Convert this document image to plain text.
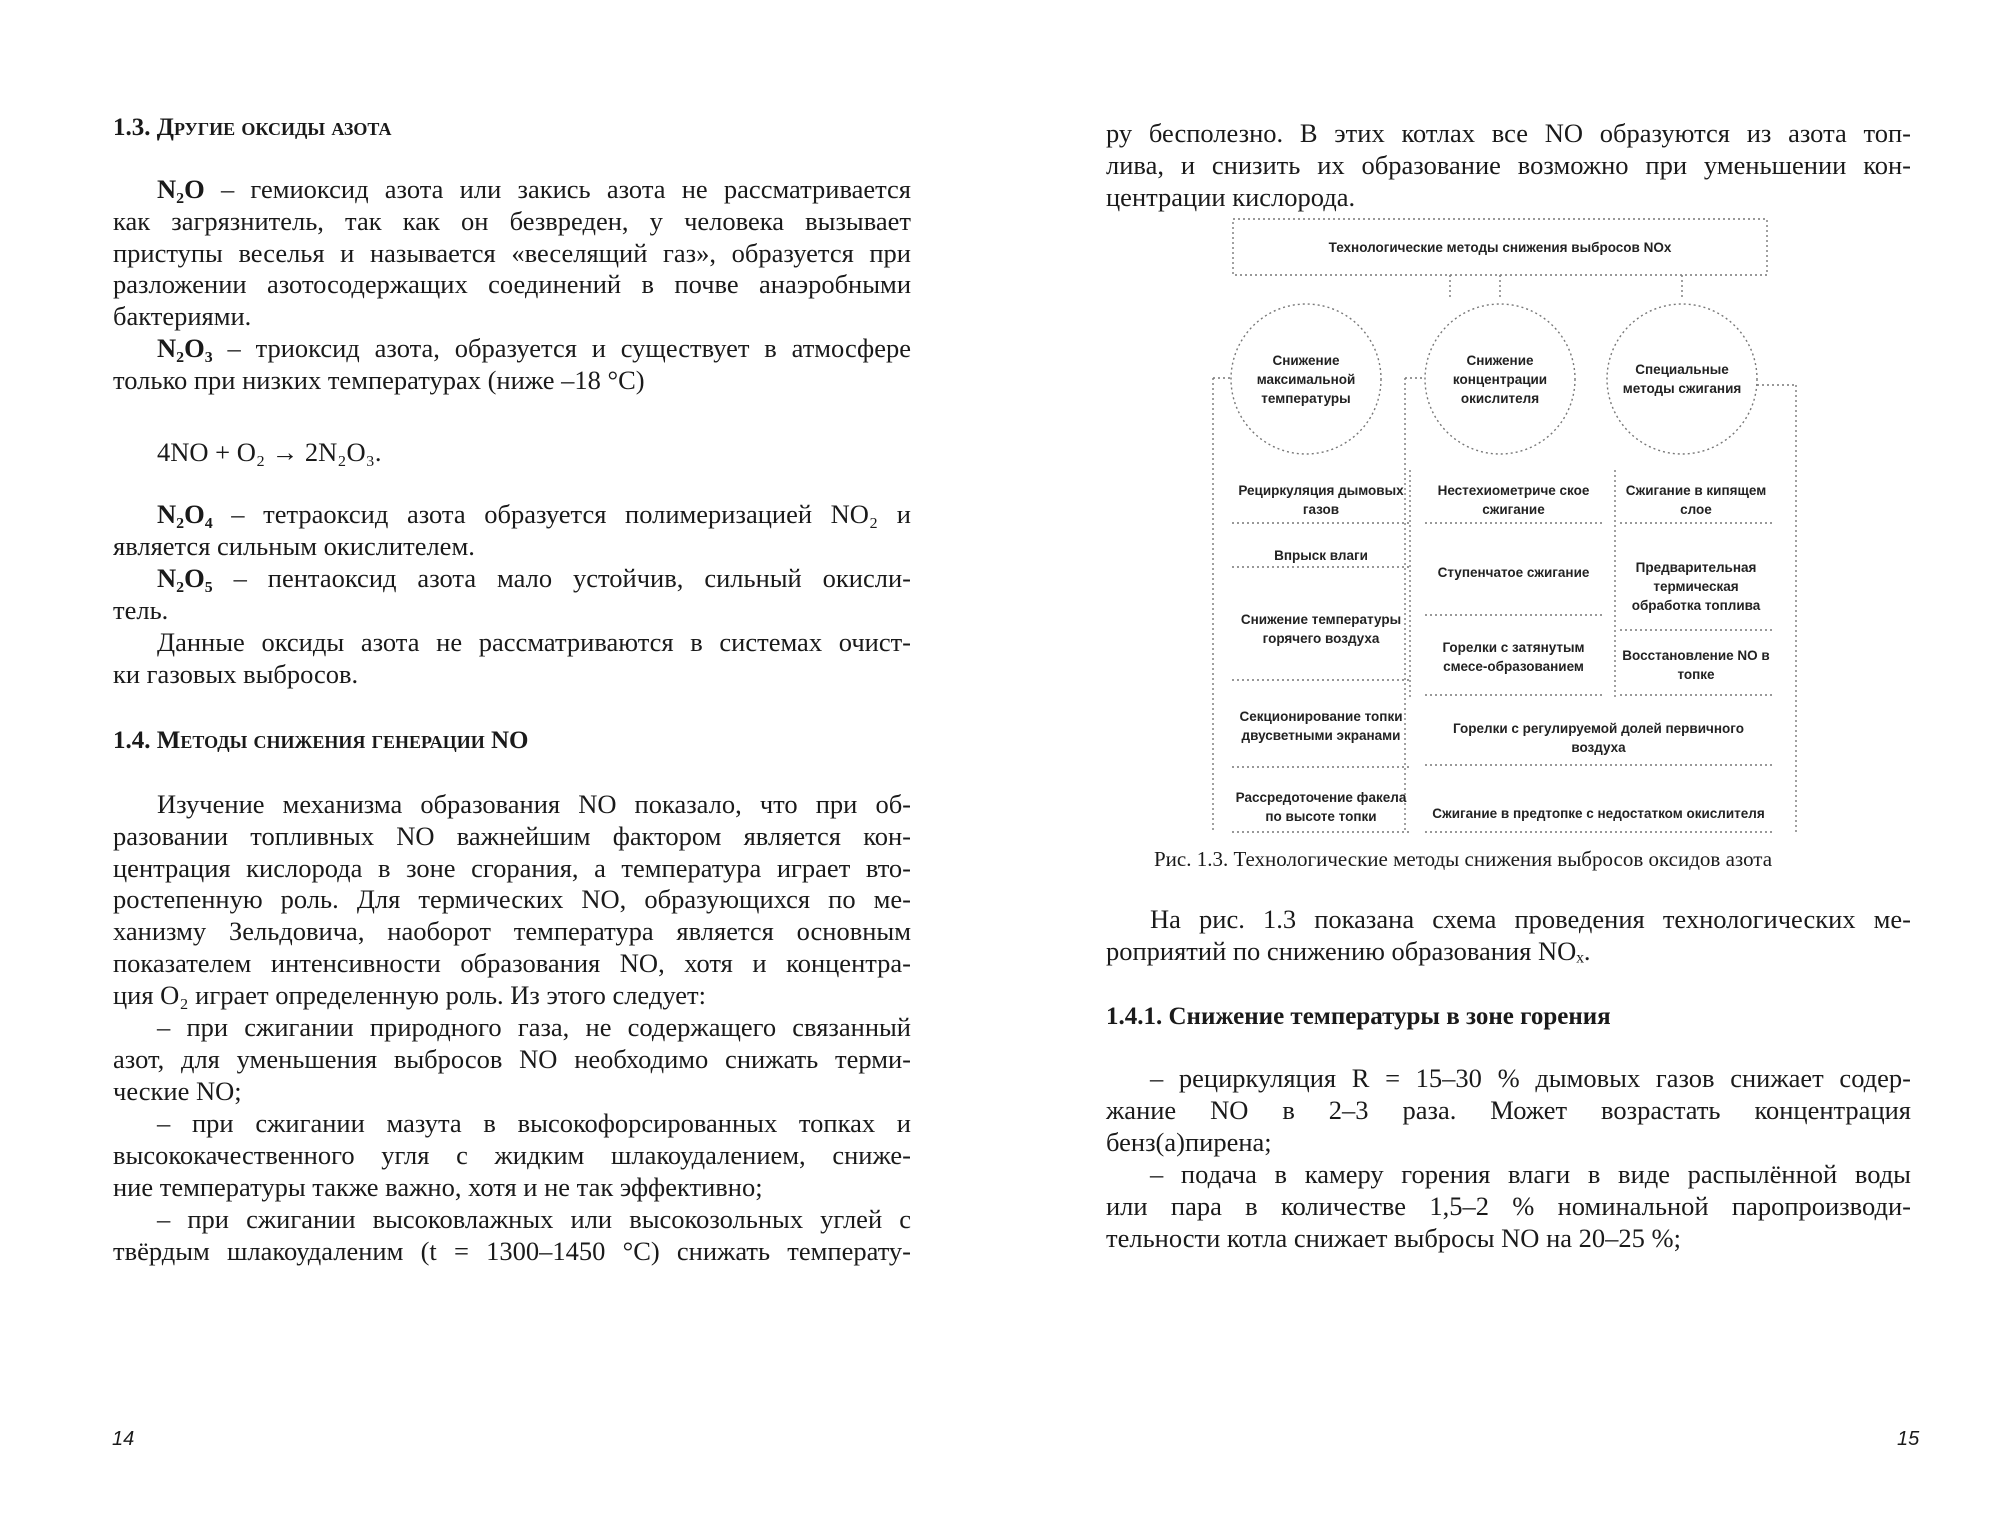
1.3. Другие оксиды азота
N₂O – гемиоксид азота или закись азота не рассматривается
как загрязнитель, так как он безвреден, у человека вызывает
приступы веселья и называется «веселящий газ», образуется при
разложении азотосодержащих соединений в почве анаэробными
бактериями.
N₂O₃ – триоксид азота, образуется и существует в атмосфере
только при низких температурах (ниже –18 °C)
4NO + O₂ → 2N₂O₃.
N₂O₄ – тетраоксид азота образуется полимеризацией NO₂ и
является сильным окислителем.
N₂O₅ – пентаоксид азота мало устойчив, сильный окисли-
тель.
Данные оксиды азота не рассматриваются в системах очист-
ки газовых выбросов.
1.4. Методы снижения генерации NO
Изучение механизма образования NO показало, что при об-
разовании топливных NO важнейшим фактором является кон-
центрация кислорода в зоне сгорания, а температура играет вто-
ростепенную роль. Для термических NO, образующихся по ме-
ханизму Зельдовича, наоборот температура является основным
показателем интенсивности образования NO, хотя и концентра-
ция O₂ играет определенную роль. Из этого следует:
– при сжигании природного газа, не содержащего связанный
азот, для уменьшения выбросов NO необходимо снижать терми-
ческие NO;
– при сжигании мазута в высокофорсированных топках и
высококачественного угля с жидким шлакоудалением, сниже-
ние температуры также важно, хотя и не так эффективно;
– при сжигании высоковлажных или высокозольных углей с
твёрдым шлакоудаленим (t = 1300–1450 °C) снижать температу-
14
ру бесполезно. В этих котлах все NO образуются из азота топ-
лива, и снизить их образование возможно при уменьшении кон-
центрации кислорода.
Технологические методы снижения выбросов NOx
Снижение максимальной температуры
Снижение концентрации окислителя
Специальные методы сжигания
Рециркуляция дымовых газов
Впрыск влаги
Снижение температуры горячего воздуха
Секционирование топки двусветными экранами
Рассредоточение факела по высоте топки
Нестехиометриче ское сжигание
Ступенчатое сжигание
Горелки с затянутым смесе-образованием
Сжигание в кипящем слое
Предварительная термическая обработка топлива
Восстановление NO в топке
Горелки с регулируемой долей первичного воздуха
Сжигание в предтопке с недостатком окислителя
Рис. 1.3. Технологические методы снижения выбросов оксидов азота
На рис. 1.3 показана схема проведения технологических ме-
роприятий по снижению образования NOₓ.
1.4.1. Снижение температуры в зоне горения
– рециркуляция R = 15–30 % дымовых газов снижает содер-
жание NO в 2–3 раза. Может возрастать концентрация
бенз(а)пирена;
– подача в камеру горения влаги в виде распылённой воды
или пара в количестве 1,5–2 % номинальной паропроизводи-
тельности котла снижает выбросы NO на 20–25 %;
15
